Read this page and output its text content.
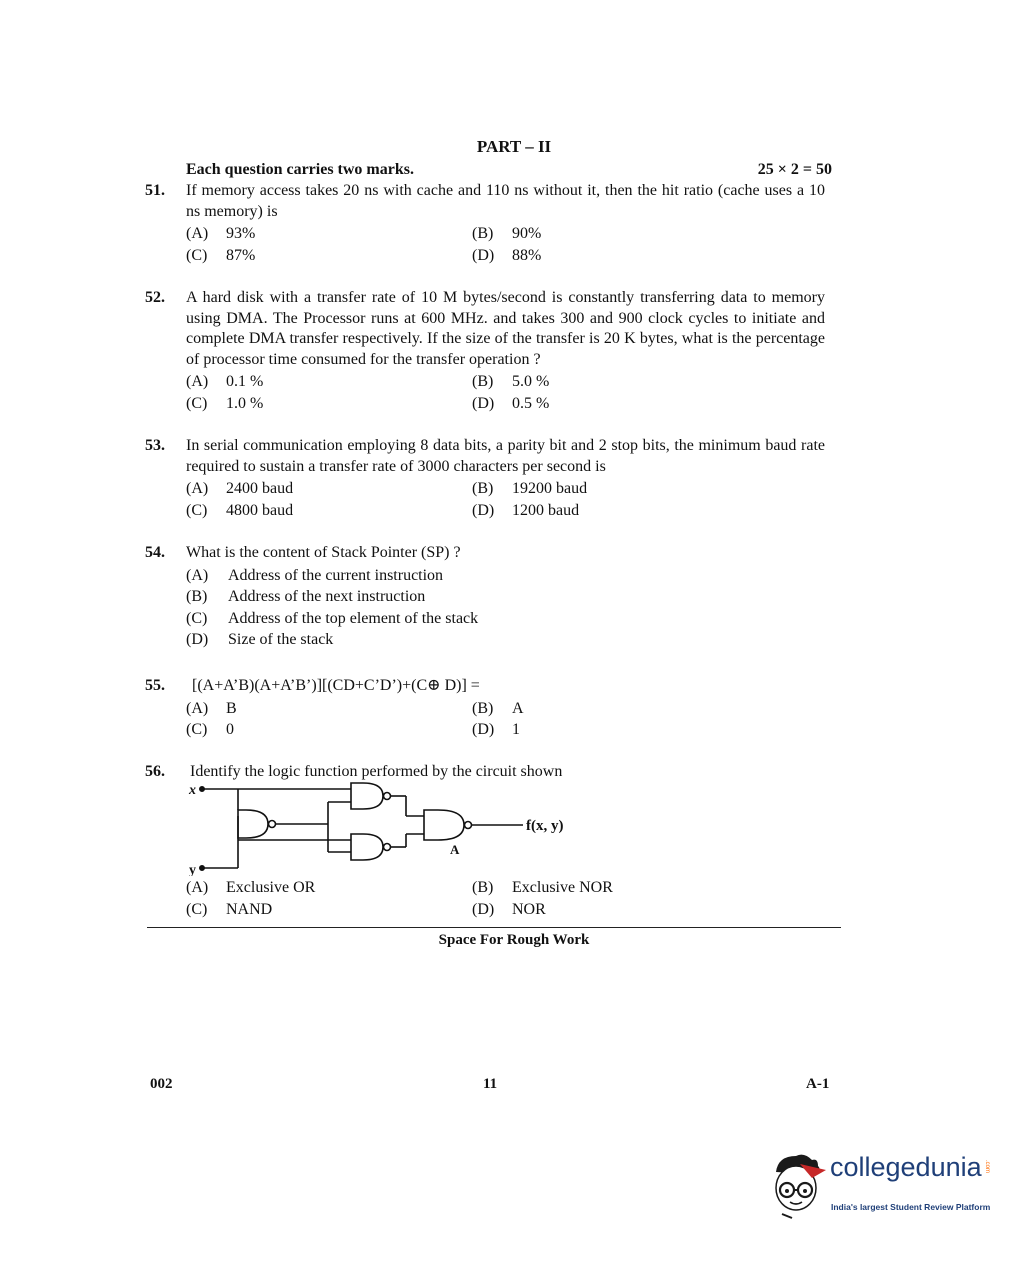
PART – II
Each question carries two marks.	25 × 2 = 50
51. If memory access takes 20 ns with cache and 110 ns without it, then the hit ratio (cache uses a 10 ns memory) is
(A) 93%	(B) 90%
(C) 87%	(D) 88%
52. A hard disk with a transfer rate of 10 M bytes/second is constantly transferring data to memory using DMA. The Processor runs at 600 MHz. and takes 300 and 900 clock cycles to initiate and complete DMA transfer respectively. If the size of the transfer is 20 K bytes, what is the percentage of processor time consumed for the transfer operation ?
(A) 0.1 %	(B) 5.0 %
(C) 1.0 %	(D) 0.5 %
53. In serial communication employing 8 data bits, a parity bit and 2 stop bits, the minimum baud rate required to sustain a transfer rate of 3000 characters per second is
(A) 2400 baud	(B) 19200 baud
(C) 4800 baud	(D) 1200 baud
54. What is the content of Stack Pointer (SP) ?
(A) Address of the current instruction
(B) Address of the next instruction
(C) Address of the top element of the stack
(D) Size of the stack
55. [(A+A’B)(A+A’B’)][(CD+C’D’)+(C⊕ D)] =
(A) B	(B) A
(C) 0	(D) 1
56. Identify the logic function performed by the circuit shown
x
y
f(x, y)
A
(A) Exclusive OR	(B) Exclusive NOR
(C) NAND	(D) NOR
Space For Rough Work
002	11	A-1
collegedunia .com
India's largest Student Review Platform
